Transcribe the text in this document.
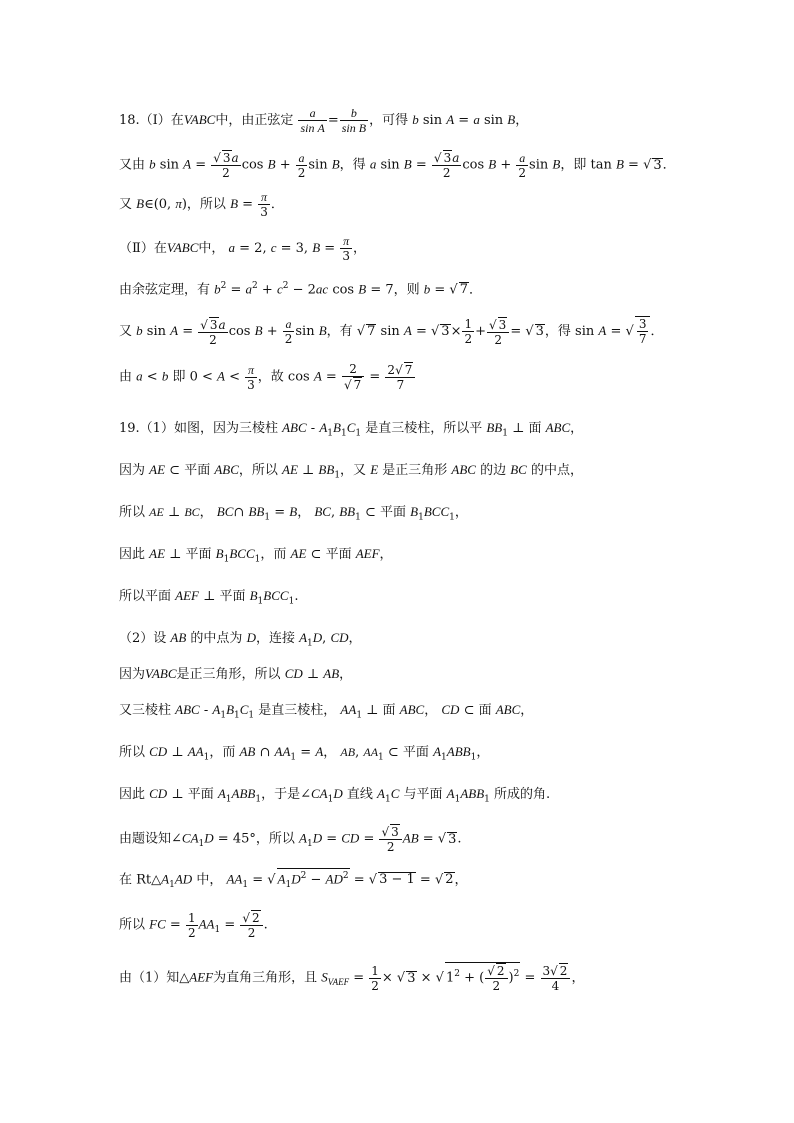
18.（Ⅰ）在VABC中，由正弦定 $\frac{a}{\text{sin A}} = \frac{b}{\text{sin B}}$ ，可得 b sin A = a sin B，
又由 b $\sin A = \frac{√ 3a}{2}$ $\cos B + \frac{a}{2}$ sin B，得 a $\sin B = \frac{√ 3a}{2}$ $\cos B + \frac{a}{2}$ sin B，即 tan B = √ 3．
又 B∈(0, π)，所以 $B = \frac{\pi}{3}$ ．
（Ⅱ）在VABC中， a = 2, c = 3, $B = \frac{\pi}{3}$ ，
由余弦定理，有 $b^2 = a^2 + c^2 - 2ac$ cos B = 7，则 b = √ 7．
又 b $\sin A = \frac{√ 3a}{2}$ $\cos B + \frac{a}{2}$ sin B，有 √ 7 sin A = √ $3\times \frac{1}{2} + \frac{√ 3}{2}$ = √ 3，得 sin A = √ $\frac{3}{7}$ ．
由 a < b 即 $0 < A < \frac{\pi}{3}$ ，故 $\cos A = \frac{2}{√ 7} = \frac{2√ 7}{7}$
19.（1）如图，因为三棱柱 ABC - $A_1B_1C_1$ 是直三棱柱，所以平 $BB_1$ ⊥ 面 ABC，
因为 AE ⊂ 平面 ABC，所以 AE ⊥ $BB_1$，又 E 是正三角形 ABC 的边 BC 的中点，
所以 AE ⊥ BC， BC∩ $BB_1 = B$， BC, $BB_1$ ⊂ 平面 $B_1BCC_1$，
因此 AE ⊥ 平面 $B_1BCC_1$，而 AE ⊂ 平面 AEF，
所以平面 AEF ⊥ 平面 $B_1BCC_1$.
（2）设 AB 的中点为 D，连接 $A_1D$, CD，
因为VABC是正三角形，所以 CD ⊥ AB，
又三棱柱 ABC - $A_1B_1C_1$ 是直三棱柱， $AA_1$ ⊥ 面 ABC， CD ⊂ 面 ABC，
所以 CD ⊥ $AA_1$，而 AB ∩ $AA_1 = A$， AB, $AA_1$ ⊂ 平面 $A_1ABB_1$，
因此 CD ⊥ 平面 $A_1ABB_1$，于是$\angle CA_1D$ 直线 $A_1C$ 与平面 $A_1ABB_1$ 所成的角.
由题设知$\angle CA_1D = 45^\circ$，所以 $A_1D$ = CD = $\frac{√ 3}{2}$ AB = √ 3.
在 $Rt\triangle A_1AD$ 中， $AA_1$ = √ $A_1D^2 - AD^2$ = √ 3 − 1 = √ 2，
所以 FC = $\frac{1}{2} AA_1 = \frac{√ 2}{2}$ .
由（1）知△AEF为直角三角形，且 $S_{VAEF} = \frac{1}{2}$ × √ 3 × √ $1^2$ + ( $\frac{√ 2}{2} )^2 = \frac{3√ 2}{4}$ ，
